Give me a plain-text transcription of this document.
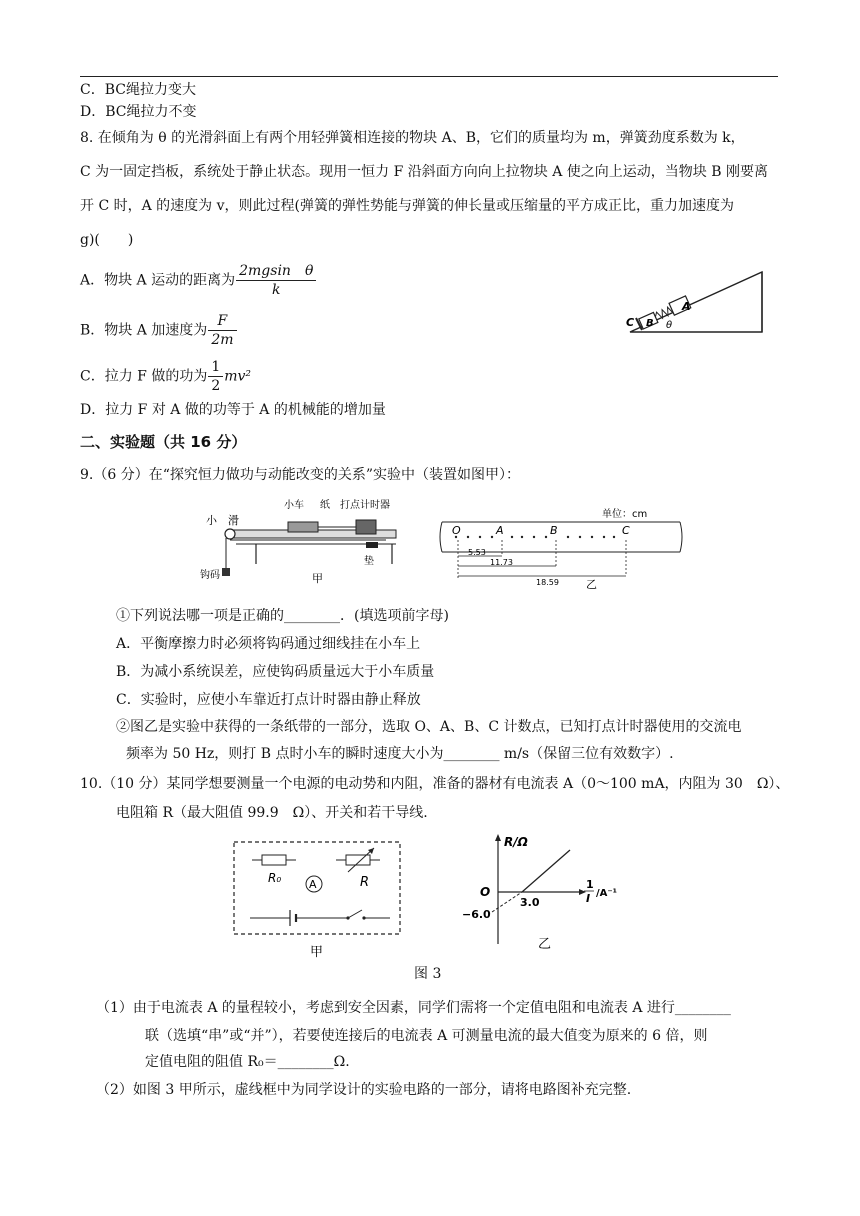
C．BC绳拉力变大
D．BC绳拉力不变
8. 在倾角为 θ 的光滑斜面上有两个用轻弹簧相连接的物块 A、B，它们的质量均为 m，弹簧劲度系数为 k，
C 为一固定挡板，系统处于静止状态。现用一恒力 F 沿斜面方向向上拉物块 A 使之向上运动，当物块 B 刚要离
开 C 时，A 的速度为 v，则此过程(弹簧的弹性势能与弹簧的伸长量或压缩量的平方成正比，重力加速度为
g)(　　)
A．物块 A 运动的距离为 $\frac{\text{2mgsin　θ}}{k}$
B．物块 A 加速度为 $\frac{F}{2m}$
C．拉力 F 做的功为 $\frac{1}{2} mv^2$
D．拉力 F 对 A 做的功等于 A 的机械能的增加量
C B
A
θ
二、实验题（共 16 分）
9.（6 分）在“探究恒力做功与动能改变的关系”实验中（装置如图甲）：
小 滑
小车 纸 打点计时器
钩码
垫
甲
单位：cm
O	A	B	C
5.53
11.73
18.59 乙
①下列说法哪一项是正确的________．(填选项前字母)
A．平衡摩擦力时必须将钩码通过细线挂在小车上
B．为减小系统误差，应使钩码质量远大于小车质量
C．实验时，应使小车靠近打点计时器由静止释放
②图乙是实验中获得的一条纸带的一部分，选取 O、A、B、C 计数点，已知打点计时器使用的交流电
频率为 50 Hz，则打 B 点时小车的瞬时速度大小为________ m/s（保留三位有效数字）.
10.（10 分）某同学想要测量一个电源的电动势和内阻，准备的器材有电流表 A（0～100 mA，内阻为 30　Ω）、
电阻箱 R（最大阻值 99.9　Ω）、开关和若干导线.
R₀	A	R
甲
R/Ω
O
3.0
−6.0
1
I /A⁻¹
乙
图 3
（1）由于电流表 A 的量程较小，考虑到安全因素，同学们需将一个定值电阻和电流表 A 进行________
联（选填“串”或“并”），若要使连接后的电流表 A 可测量电流的最大值变为原来的 6 倍，则
定值电阻的阻值 R₀＝________Ω.
（2）如图 3 甲所示，虚线框中为同学设计的实验电路的一部分，请将电路图补充完整.
